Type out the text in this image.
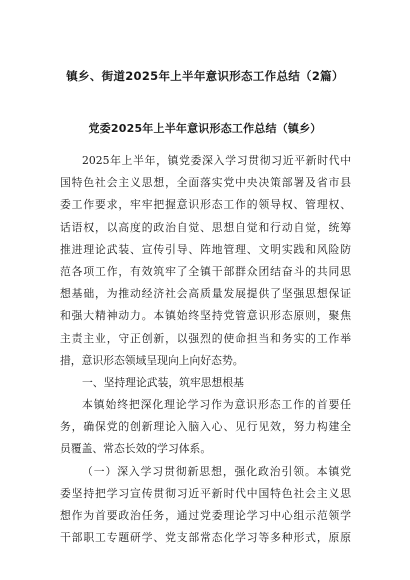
镇乡、街道2025年上半年意识形态工作总结（2篇）
党委2025年上半年意识形态工作总结（镇乡）
2025年上半年，镇党委深入学习贯彻习近平新时代中
国特色社会主义思想，全面落实党中央决策部署及省市县
委工作要求，牢牢把握意识形态工作的领导权、管理权、
话语权，以高度的政治自觉、思想自觉和行动自觉，统筹
推进理论武装、宣传引导、阵地管理、文明实践和风险防
范各项工作，有效筑牢了全镇干部群众团结奋斗的共同思
想基础，为推动经济社会高质量发展提供了坚强思想保证
和强大精神动力。本镇始终坚持党管意识形态原则，聚焦
主责主业，守正创新，以强烈的使命担当和务实的工作举
措，意识形态领域呈现向上向好态势。
一、坚持理论武装，筑牢思想根基
本镇始终把深化理论学习作为意识形态工作的首要任
务，确保党的创新理论入脑入心、见行见效，努力构建全
员覆盖、常态长效的学习体系。
（一）深入学习贯彻新思想，强化政治引领。本镇党
委坚持把学习宣传贯彻习近平新时代中国特色社会主义思
想作为首要政治任务，通过党委理论学习中心组示范领学
干部职工专题研学、党支部常态化学习等多种形式，原原
